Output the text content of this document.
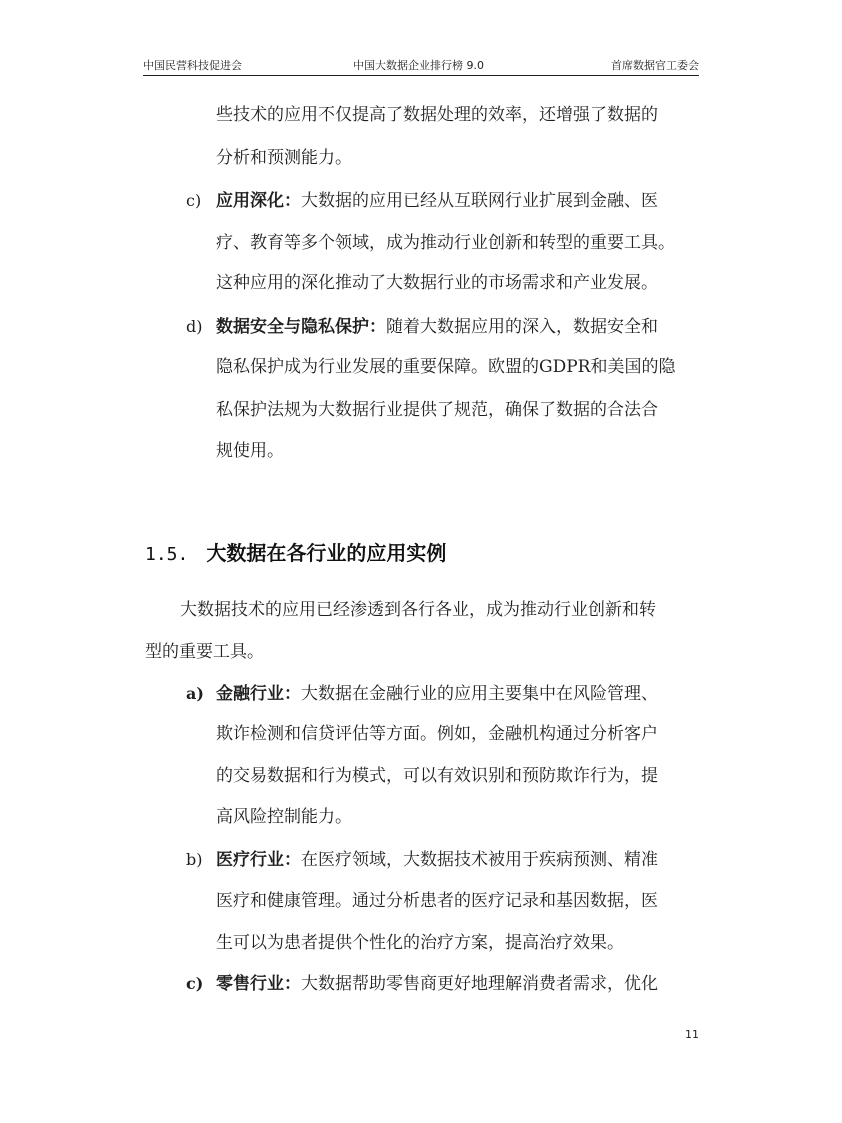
中国民营科技促进会	中国大数据企业排行榜 9.0	首席数据官工委会
些技术的应用不仅提高了数据处理的效率，还增强了数据的
分析和预测能力。
c) 应用深化：大数据的应用已经从互联网行业扩展到金融、医
疗、教育等多个领域，成为推动行业创新和转型的重要工具。
这种应用的深化推动了大数据行业的市场需求和产业发展。
d) 数据安全与隐私保护：随着大数据应用的深入，数据安全和
隐私保护成为行业发展的重要保障。欧盟的GDPR和美国的隐
私保护法规为大数据行业提供了规范，确保了数据的合法合
规使用。
1.5. 大数据在各行业的应用实例
大数据技术的应用已经渗透到各行各业，成为推动行业创新和转
型的重要工具。
a) 金融行业：大数据在金融行业的应用主要集中在风险管理、
欺诈检测和信贷评估等方面。例如，金融机构通过分析客户
的交易数据和行为模式，可以有效识别和预防欺诈行为，提
高风险控制能力。
b) 医疗行业：在医疗领域，大数据技术被用于疾病预测、精准
医疗和健康管理。通过分析患者的医疗记录和基因数据，医
生可以为患者提供个性化的治疗方案，提高治疗效果。
c) 零售行业：大数据帮助零售商更好地理解消费者需求，优化
11
